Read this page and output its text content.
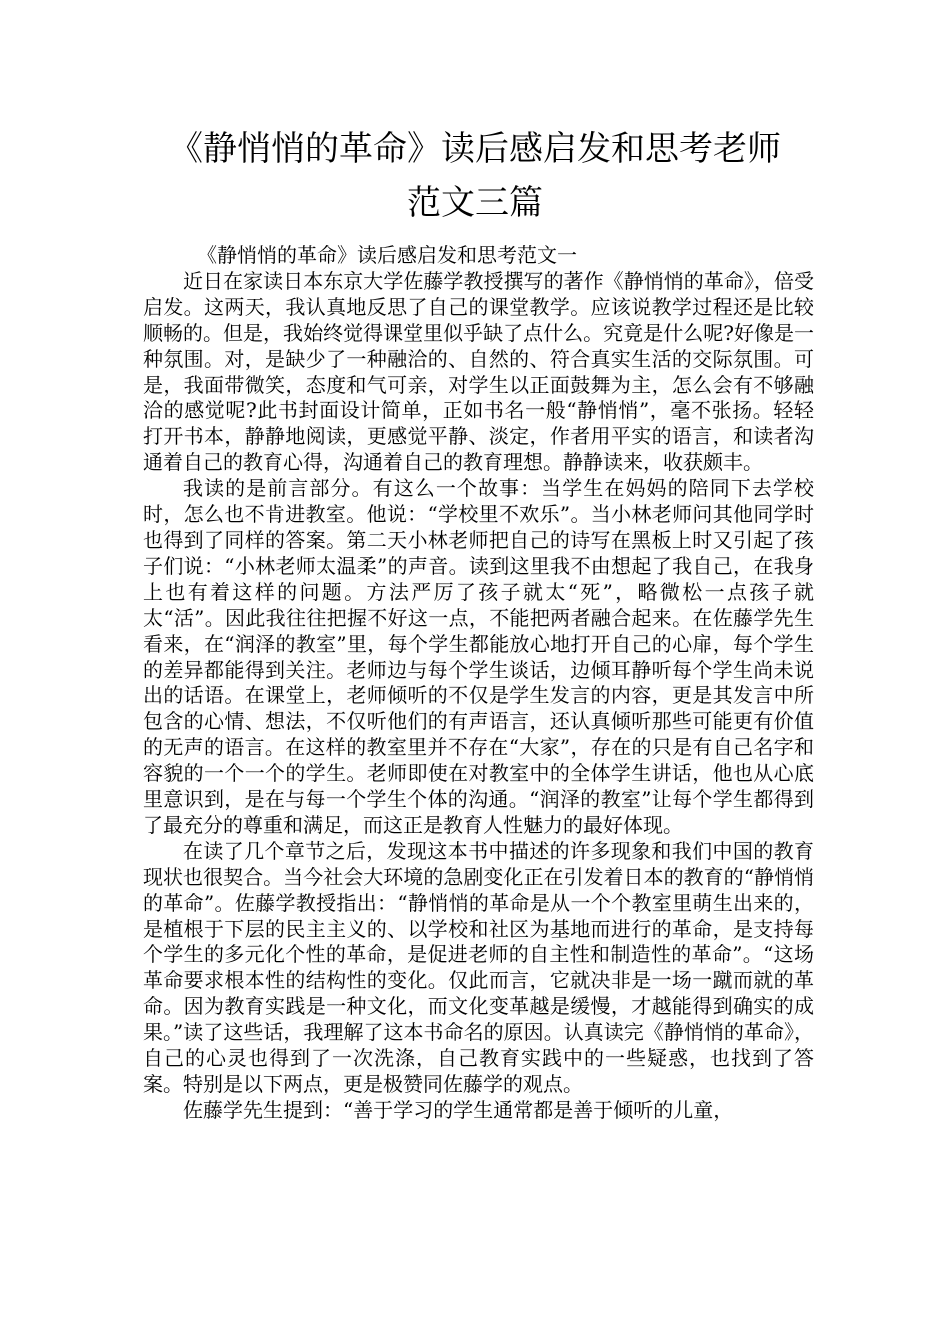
《静悄悄的革命》读后感启发和思考老师
范文三篇

《静悄悄的革命》读后感启发和思考范文一

近日在家读日本东京大学佐藤学教授撰写的著作《静悄悄的革命》，倍受启发。这两天，我认真地反思了自己的课堂教学。应该说教学过程还是比较顺畅的。但是，我始终觉得课堂里似乎缺了点什么。究竟是什么呢?好像是一种氛围。对，是缺少了一种融洽的、自然的、符合真实生活的交际氛围。可是，我面带微笑，态度和气可亲，对学生以正面鼓舞为主，怎么会有不够融洽的感觉呢?此书封面设计简单，正如书名一般“静悄悄”，毫不张扬。轻轻打开书本，静静地阅读，更感觉平静、淡定，作者用平实的语言，和读者沟通着自己的教育心得，沟通着自己的教育理想。静静读来，收获颇丰。

我读的是前言部分。有这么一个故事：当学生在妈妈的陪同下去学校时，怎么也不肯进教室。他说：“学校里不欢乐”。当小林老师问其他同学时也得到了同样的答案。第二天小林老师把自己的诗写在黑板上时又引起了孩子们说：“小林老师太温柔”的声音。读到这里我不由想起了我自己，在我身上也有着这样的问题。方法严厉了孩子就太“死”，略微松一点孩子就太“活”。因此我往往把握不好这一点，不能把两者融合起来。在佐藤学先生看来，在“润泽的教室”里，每个学生都能放心地打开自己的心扉，每个学生的差异都能得到关注。老师边与每个学生谈话，边倾耳静听每个学生尚未说出的话语。在课堂上，老师倾听的不仅是学生发言的内容，更是其发言中所包含的心情、想法，不仅听他们的有声语言，还认真倾听那些可能更有价值的无声的语言。在这样的教室里并不存在“大家”，存在的只是有自己名字和容貌的一个一个的学生。老师即使在对教室中的全体学生讲话，他也从心底里意识到，是在与每一个学生个体的沟通。“润泽的教室”让每个学生都得到了最充分的尊重和满足，而这正是教育人性魅力的最好体现。

在读了几个章节之后，发现这本书中描述的许多现象和我们中国的教育现状也很契合。当今社会大环境的急剧变化正在引发着日本的教育的“静悄悄的革命”。佐藤学教授指出：“静悄悄的革命是从一个个教室里萌生出来的，是植根于下层的民主主义的、以学校和社区为基地而进行的革命，是支持每个学生的多元化个性的革命，是促进老师的自主性和制造性的革命”。“这场革命要求根本性的结构性的变化。仅此而言，它就决非是一场一蹴而就的革命。因为教育实践是一种文化，而文化变革越是缓慢，才越能得到确实的成果。”读了这些话，我理解了这本书命名的原因。认真读完《静悄悄的革命》，自己的心灵也得到了一次洗涤，自己教育实践中的一些疑惑，也找到了答案。特别是以下两点，更是极赞同佐藤学的观点。

佐藤学先生提到：“善于学习的学生通常都是善于倾听的儿童，
